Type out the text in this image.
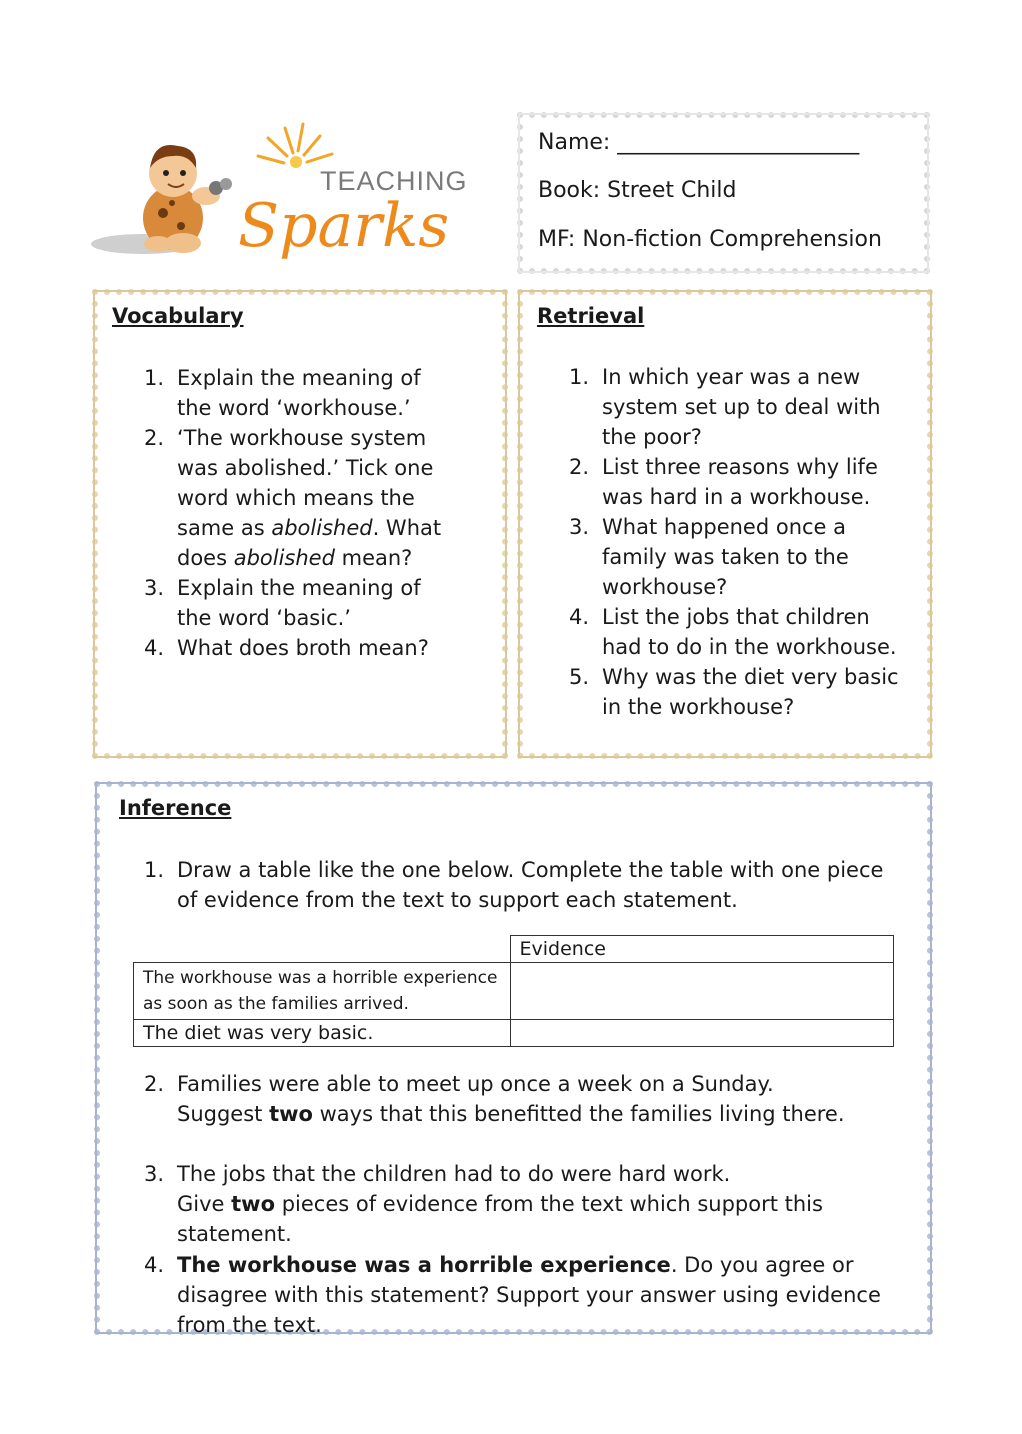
TEACHING
Sparks
Name: ______________________
Book: Street Child
MF: Non-fiction Comprehension
Vocabulary
1. Explain the meaning of the word ‘workhouse.’
2. ‘The workhouse system was abolished.’ Tick one word which means the same as abolished. What does abolished mean?
3. Explain the meaning of the word ‘basic.’
4. What does broth mean?
Retrieval
1. In which year was a new system set up to deal with the poor?
2. List three reasons why life was hard in a workhouse.
3. What happened once a family was taken to the workhouse?
4. List the jobs that children had to do in the workhouse.
5. Why was the diet very basic in the workhouse?
Inference
1. Draw a table like the one below. Complete the table with one piece of evidence from the text to support each statement.
	Evidence
The workhouse was a horrible experience as soon as the families arrived.	
The diet was very basic.	
2. Families were able to meet up once a week on a Sunday.
Suggest two ways that this benefitted the families living there.
3. The jobs that the children had to do were hard work.
Give two pieces of evidence from the text which support this statement.
4. The workhouse was a horrible experience. Do you agree or disagree with this statement? Support your answer using evidence from the text.
